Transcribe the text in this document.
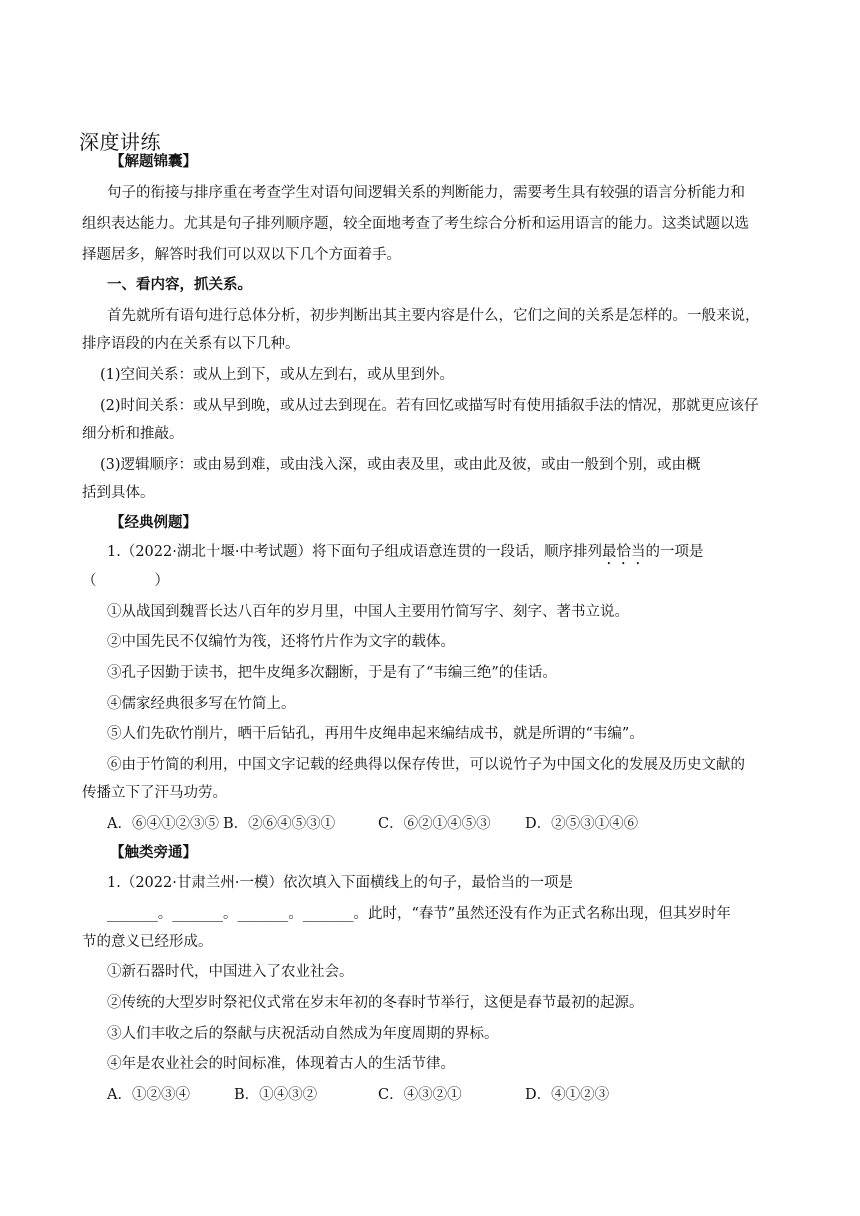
深度讲练
【解题锦囊】
句子的衔接与排序重在考查学生对语句间逻辑关系的判断能力，需要考生具有较强的语言分析能力和
组织表达能力。尤其是句子排列顺序题，较全面地考查了考生综合分析和运用语言的能力。这类试题以选
择题居多，解答时我们可以双以下几个方面着手。
一、看内容，抓关系。
首先就所有语句进行总体分析，初步判断出其主要内容是什么，它们之间的关系是怎样的。一般来说，
排序语段的内在关系有以下几种。
(1)空间关系：或从上到下，或从左到右，或从里到外。
(2)时间关系：或从早到晚，或从过去到现在。若有回忆或描写时有使用插叙手法的情况，那就更应该仔
细分析和推敲。
(3)逻辑顺序：或由易到难，或由浅入深，或由表及里，或由此及彼，或由一般到个别，或由概
括到具体。
【经典例题】
1.（2022·湖北十堰·中考试题）将下面句子组成语意连贯的一段话，顺序排列最恰当的一项是
（　　　　）
①从战国到魏晋长达八百年的岁月里，中国人主要用竹简写字、刻字、著书立说。
②中国先民不仅编竹为筏，还将竹片作为文字的载体。
③孔子因勤于读书，把牛皮绳多次翻断，于是有了“韦编三绝”的佳话。
④儒家经典很多写在竹简上。
⑤人们先砍竹削片，晒干后钻孔，再用牛皮绳串起来编结成书，就是所谓的“韦编”。
⑥由于竹简的利用，中国文字记载的经典得以保存传世，可以说竹子为中国文化的发展及历史文献的
传播立下了汗马功劳。
A．⑥④①②③⑤ B．②⑥④⑤③①	C．⑥②①④⑤③ D．②⑤③①④⑥
【触类旁通】
1.（2022·甘肃兰州·一模）依次填入下面横线上的句子，最恰当的一项是
_______。_______。_______。_______。此时，“春节”虽然还没有作为正式名称出现，但其岁时年
节的意义已经形成。
①新石器时代，中国进入了农业社会。
②传统的大型岁时祭祀仪式常在岁末年初的冬春时节举行，这便是春节最初的起源。
③人们丰收之后的祭献与庆祝活动自然成为年度周期的界标。
④年是农业社会的时间标准，体现着古人的生活节律。
A．①②③④	B．①④③②	C．④③②①	D．④①②③
